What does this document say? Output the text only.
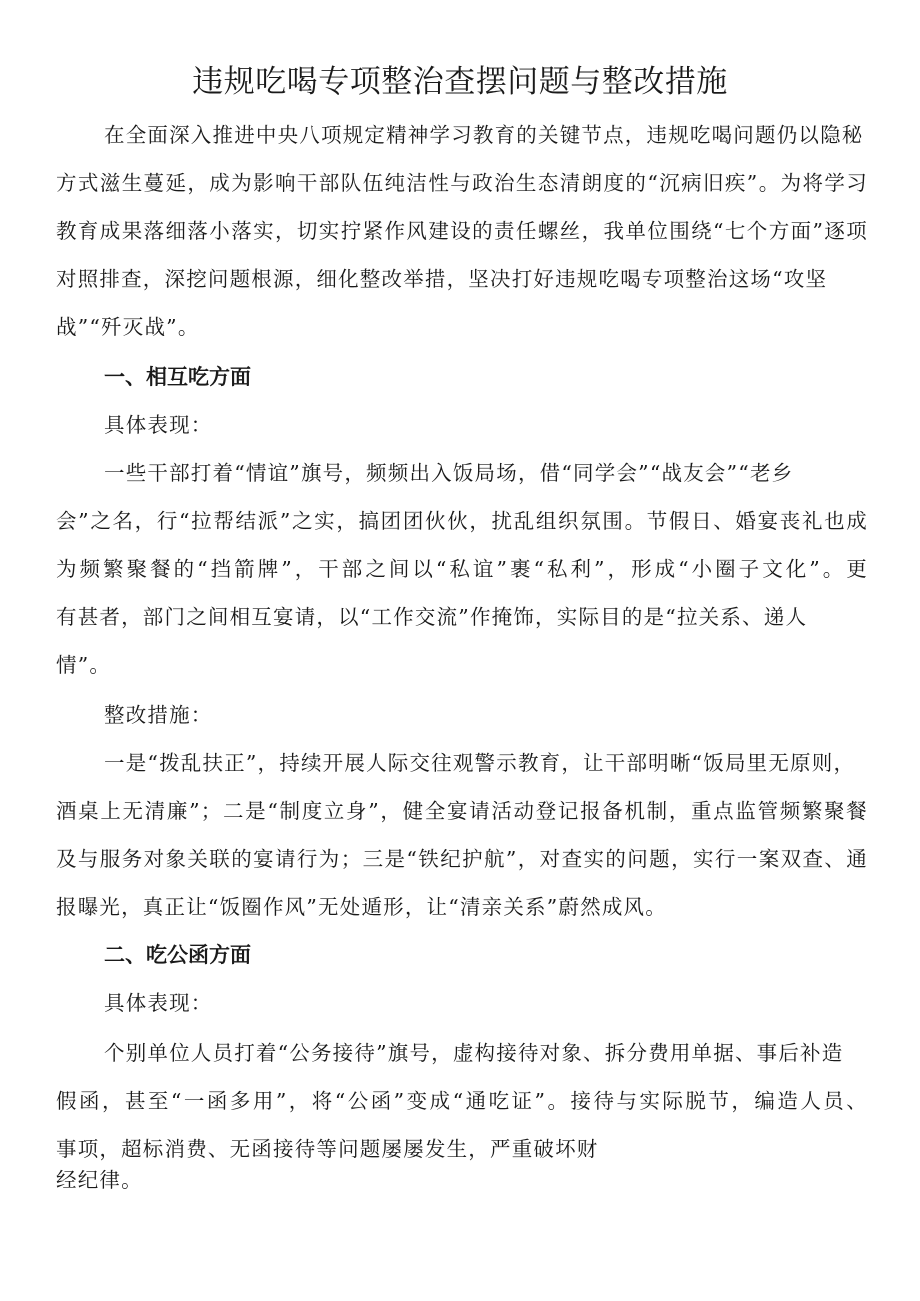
违规吃喝专项整治查摆问题与整改措施
在全面深入推进中央八项规定精神学习教育的关键节点，违规吃喝问题仍以隐秘
方式滋生蔓延，成为影响干部队伍纯洁性与政治生态清朗度的“沉病旧疾”。为将学习
教育成果落细落小落实，切实拧紧作风建设的责任螺丝，我单位围绕“七个方面”逐项
对照排查，深挖问题根源，细化整改举措，坚决打好违规吃喝专项整治这场“攻坚
战”“歼灭战”。
一、相互吃方面
具体表现：
一些干部打着“情谊”旗号，频频出入饭局场，借“同学会”“战友会”“老乡
会”之名，行“拉帮结派”之实，搞团团伙伙，扰乱组织氛围。节假日、婚宴丧礼也成
为频繁聚餐的“挡箭牌”，干部之间以“私谊”裹“私利”，形成“小圈子文化”。更
有甚者，部门之间相互宴请，以“工作交流”作掩饰，实际目的是“拉关系、递人
情”。
整改措施：
一是“拨乱扶正”，持续开展人际交往观警示教育，让干部明晰“饭局里无原则，
酒桌上无清廉”；二是“制度立身”，健全宴请活动登记报备机制，重点监管频繁聚餐
及与服务对象关联的宴请行为；三是“铁纪护航”，对查实的问题，实行一案双查、通
报曝光，真正让“饭圈作风”无处遁形，让“清亲关系”蔚然成风。
二、吃公函方面
具体表现：
个别单位人员打着“公务接待”旗号，虚构接待对象、拆分费用单据、事后补造
假函，甚至“一函多用”，将“公函”变成“通吃证”。接待与实际脱节，编造人员、
事项，超标消费、无函接待等问题屡屡发生，严重破坏财
经纪律。
